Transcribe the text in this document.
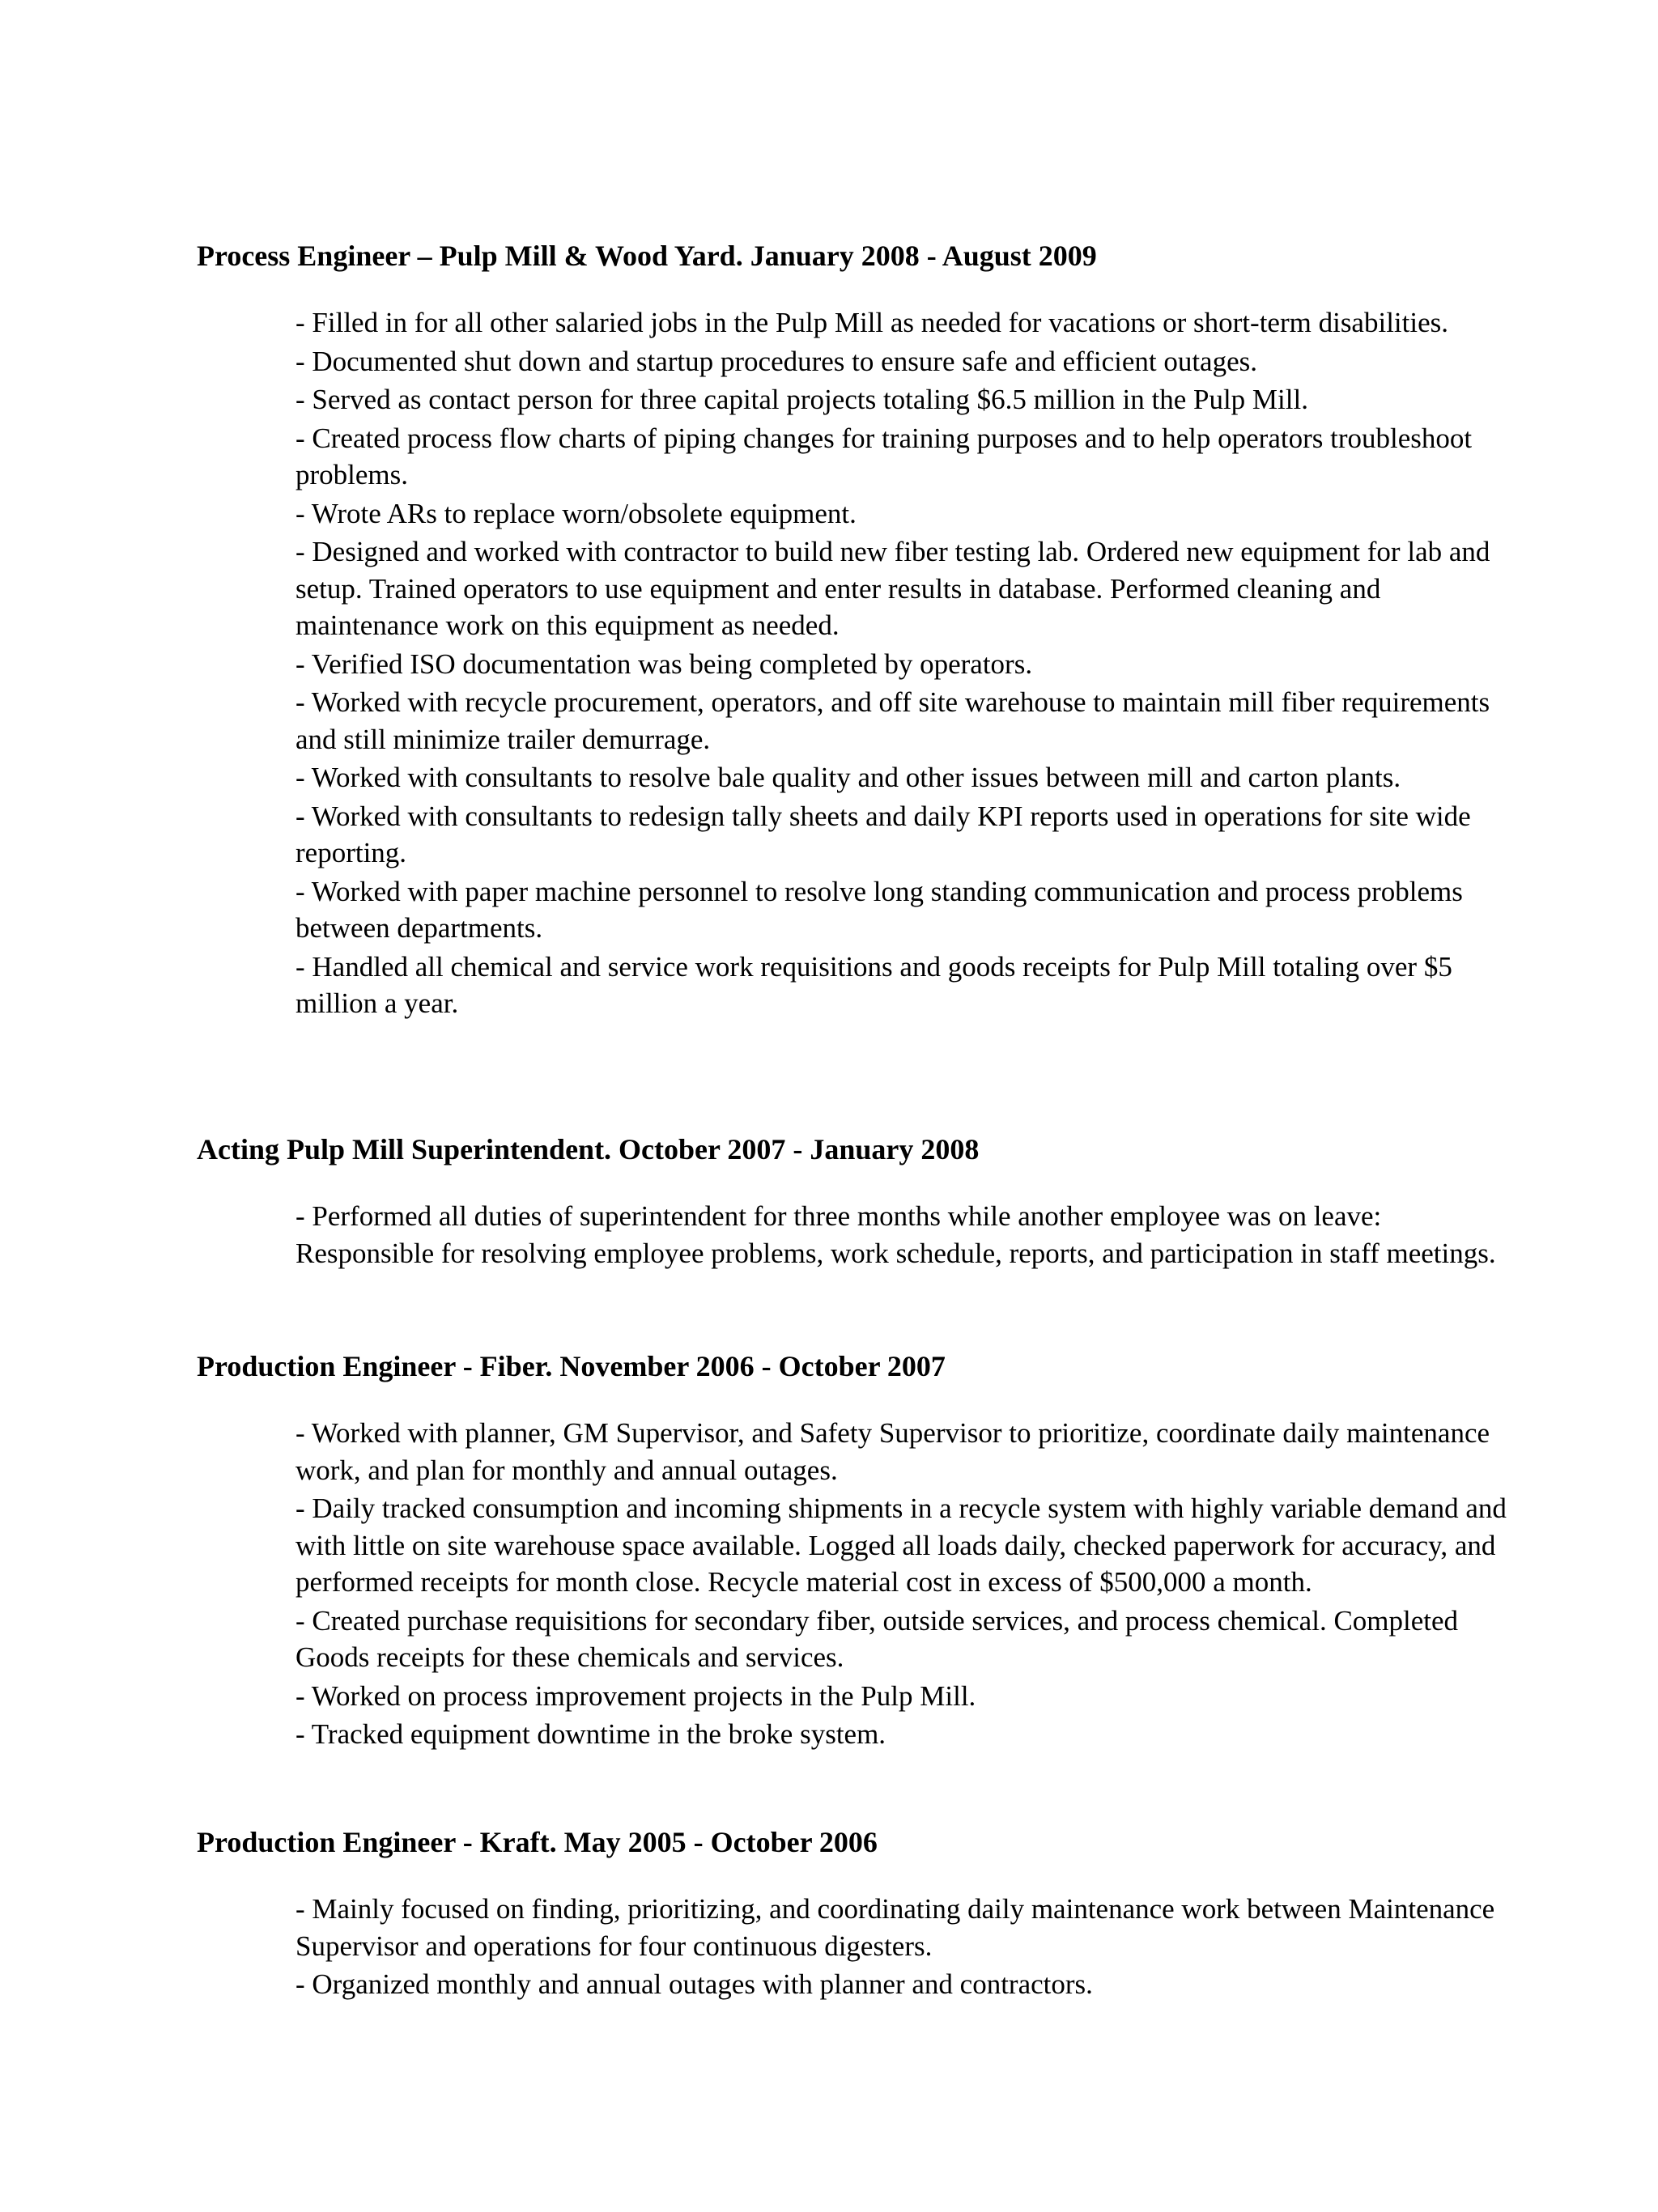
Process Engineer – Pulp Mill & Wood Yard. January 2008 - August 2009
- Filled in for all other salaried jobs in the Pulp Mill as needed for vacations or short-term disabilities.
- Documented shut down and startup procedures to ensure safe and efficient outages.
- Served as contact person for three capital projects totaling $6.5 million in the Pulp Mill.
- Created process flow charts of piping changes for training purposes and to help operators troubleshoot problems.
- Wrote ARs to replace worn/obsolete equipment.
- Designed and worked with contractor to build new fiber testing lab. Ordered new equipment for lab and setup. Trained operators to use equipment and enter results in database. Performed cleaning and maintenance work on this equipment as needed.
- Verified ISO documentation was being completed by operators.
- Worked with recycle procurement, operators, and off site warehouse to maintain mill fiber requirements and still minimize trailer demurrage.
- Worked with consultants to resolve bale quality and other issues between mill and carton plants.
- Worked with consultants to redesign tally sheets and daily KPI reports used in operations for site wide reporting.
- Worked with paper machine personnel to resolve long standing communication and process problems between departments.
- Handled all chemical and service work requisitions and goods receipts for Pulp Mill totaling over $5 million a year.
Acting Pulp Mill Superintendent. October 2007 - January 2008
- Performed all duties of superintendent for three months while another employee was on leave: Responsible for resolving employee problems, work schedule, reports, and participation in staff meetings.
Production Engineer - Fiber. November 2006 - October 2007
- Worked with planner, GM Supervisor, and Safety Supervisor to prioritize, coordinate daily maintenance work, and plan for monthly and annual outages.
- Daily tracked consumption and incoming shipments in a recycle system with highly variable demand and with little on site warehouse space available. Logged all loads daily, checked paperwork for accuracy, and performed receipts for month close. Recycle material cost in excess of $500,000 a month.
- Created purchase requisitions for secondary fiber, outside services, and process chemical. Completed Goods receipts for these chemicals and services.
- Worked on process improvement projects in the Pulp Mill.
- Tracked equipment downtime in the broke system.
Production Engineer - Kraft. May 2005 - October 2006
- Mainly focused on finding, prioritizing, and coordinating daily maintenance work between Maintenance Supervisor and operations for four continuous digesters.
- Organized monthly and annual outages with planner and contractors.
